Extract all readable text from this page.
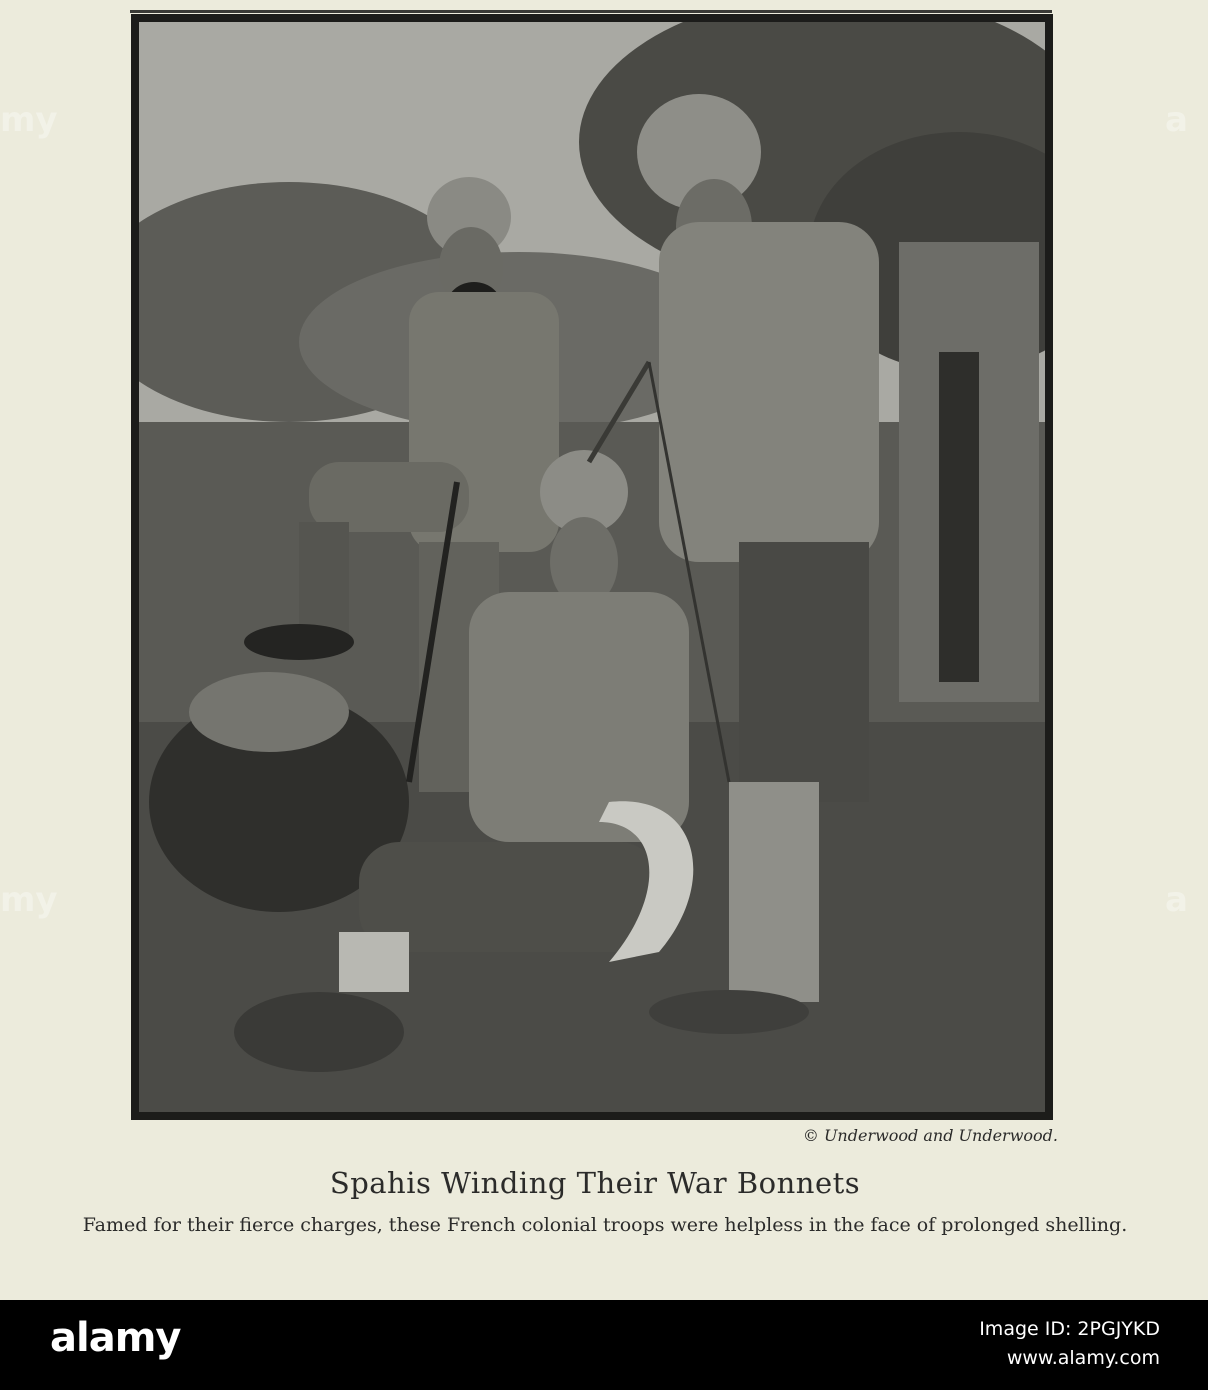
© Underwood and Underwood.
Spahis Winding Their War Bonnets
Famed for their fierce charges, these French colonial troops were helpless in the face of prolonged shelling.
my
my
a
a
alamy	Image ID: 2PGJYKD
www.alamy.com
